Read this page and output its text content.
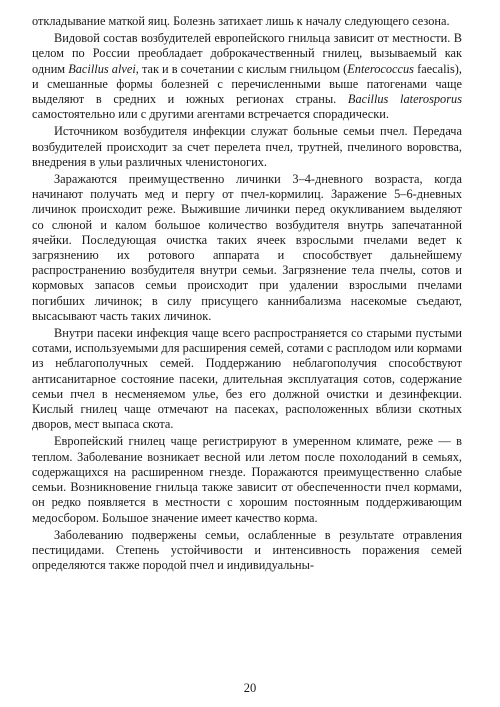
откладывание маткой яиц. Болезнь затихает лишь к началу следующего сезона.

Видовой состав возбудителей европейского гнильца зависит от местности. В целом по России преобладает доброкачественный гнилец, вызываемый как одним Bacillus alvei, так и в сочетании с кислым гнильцом (Enterococcus faecalis), и смешанные формы болезней с перечисленными выше патогенами чаще выделяют в средних и южных регионах страны. Bacillus laterosporus самостоятельно или с другими агентами встречается спорадически.

Источником возбудителя инфекции служат больные семьи пчел. Передача возбудителей происходит за счет перелета пчел, трутней, пчелиного воровства, внедрения в ульи различных членистоногих.

Заражаются преимущественно личинки 3–4-дневного возраста, когда начинают получать мед и пергу от пчел-кормилиц. Заражение 5–6-дневных личинок происходит реже. Выжившие личинки перед окукливанием выделяют со слюной и калом большое количество возбудителя внутрь запечатанной ячейки. Последующая очистка таких ячеек взрослыми пчелами ведет к загрязнению их ротового аппарата и способствует дальнейшему распространению возбудителя внутри семьи. Загрязнение тела пчелы, сотов и кормовых запасов семьи происходит при удалении взрослыми пчелами погибших личинок; в силу присущего каннибализма насекомые съедают, высасывают часть таких личинок.

Внутри пасеки инфекция чаще всего распространяется со старыми пустыми сотами, используемыми для расширения семей, сотами с расплодом или кормами из неблагополучных семей. Поддержанию неблагополучия способствуют антисанитарное состояние пасеки, длительная эксплуатация сотов, содержание семьи пчел в несменяемом улье, без его должной очистки и дезинфекции. Кислый гнилец чаще отмечают на пасеках, расположенных вблизи скотных дворов, мест выпаса скота.

Европейский гнилец чаще регистрируют в умеренном климате, реже — в теплом. Заболевание возникает весной или летом после похолоданий в семьях, содержащихся на расширенном гнезде. Поражаются преимущественно слабые семьи. Возникновение гнильца также зависит от обеспеченности пчел кормами, он редко появляется в местности с хорошим постоянным поддерживающим медосбором. Большое значение имеет качество корма.

Заболеванию подвержены семьи, ослабленные в результате отравления пестицидами. Степень устойчивости и интенсивность поражения семей определяются также породой пчел и индивидуальны-

20
